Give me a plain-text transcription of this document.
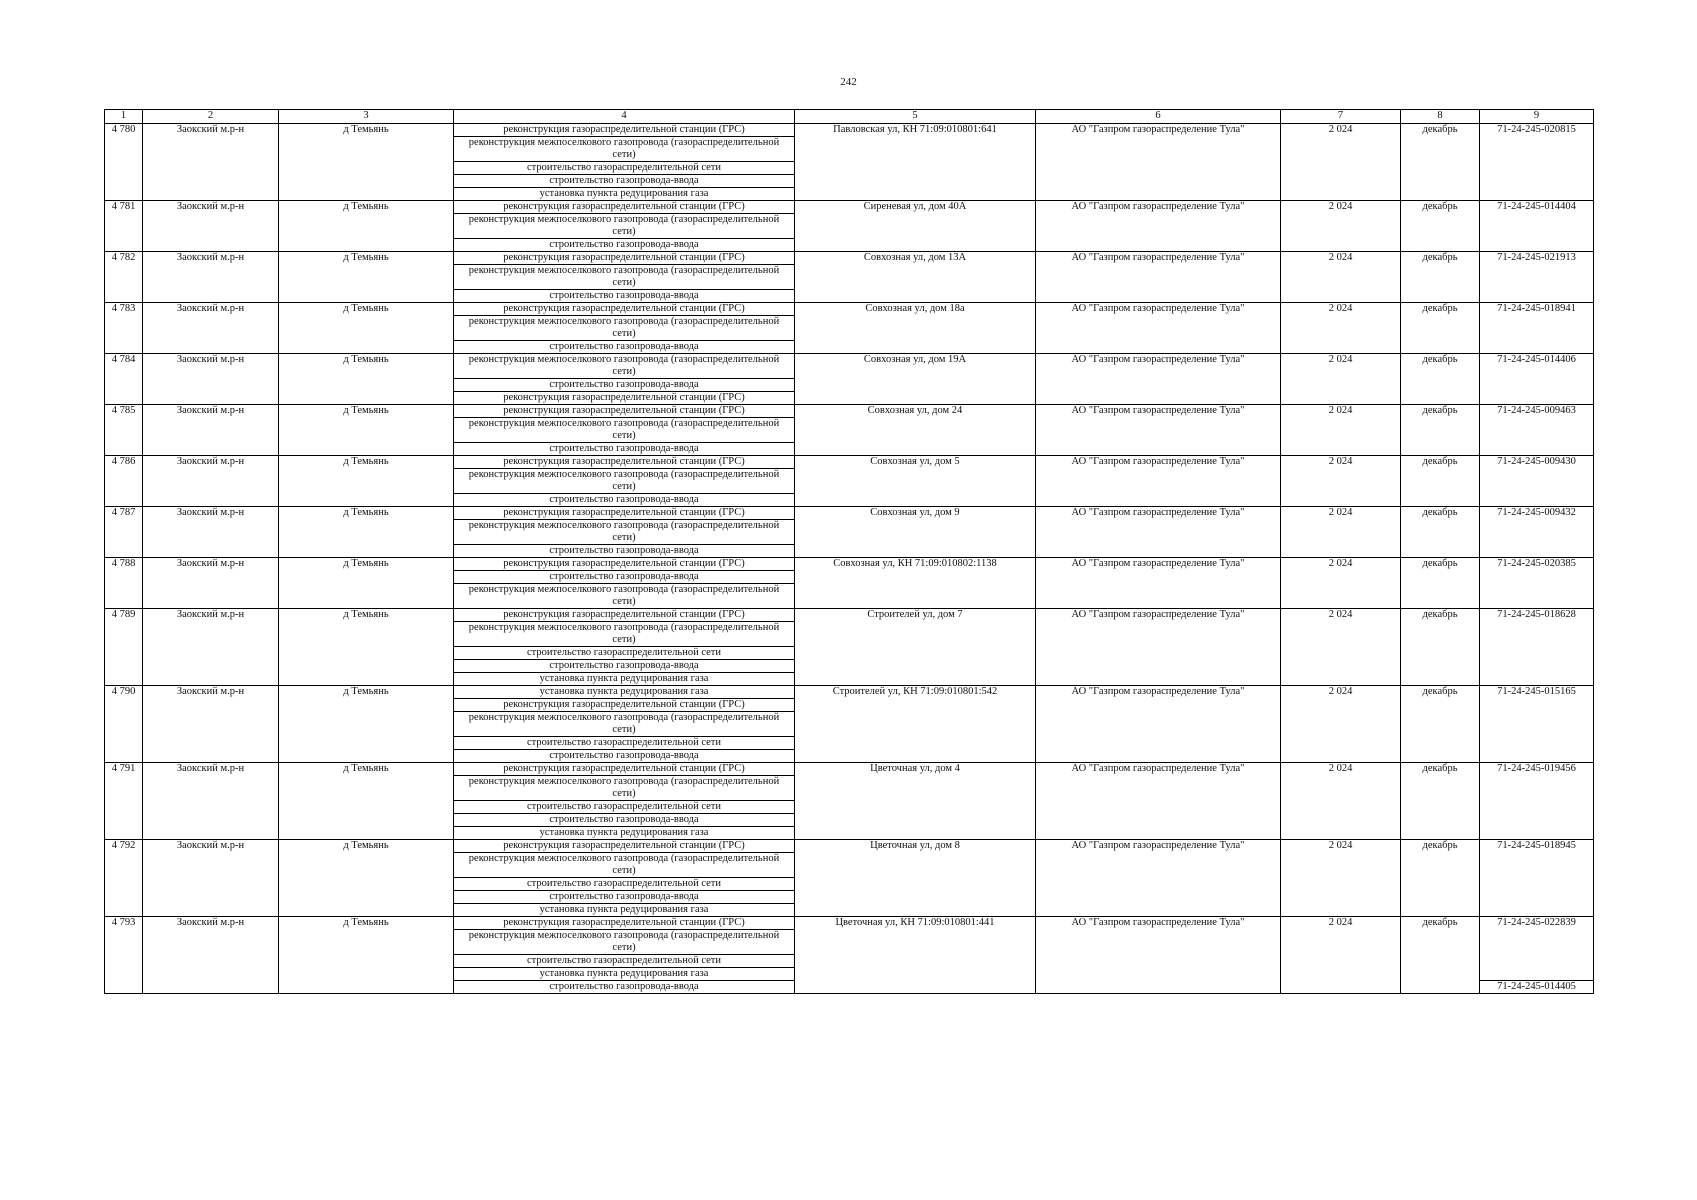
242
1	2	3	4	5	6	7	8	9
4 780	Заокский м.р-н	д Темьянь	реконструкция газораспределительной станции (ГРС)	Павловская ул, КН 71:09:010801:641	АО "Газпром газораспределение Тула"	2 024	декабрь	71-24-245-020815
			реконструкция межпоселкового газопровода (газораспределительной сети)					
			строительство газораспределительной сети					
			строительство газопровода-ввода					
			установка пункта редуцирования газа					
4 781	Заокский м.р-н	д Темьянь	реконструкция газораспределительной станции (ГРС)	Сиреневая ул, дом 40А	АО "Газпром газораспределение Тула"	2 024	декабрь	71-24-245-014404
			реконструкция межпоселкового газопровода (газораспределительной сети)					
			строительство газопровода-ввода					
4 782	Заокский м.р-н	д Темьянь	реконструкция газораспределительной станции (ГРС)	Совхозная ул, дом 13А	АО "Газпром газораспределение Тула"	2 024	декабрь	71-24-245-021913
			реконструкция межпоселкового газопровода (газораспределительной сети)					
			строительство газопровода-ввода					
4 783	Заокский м.р-н	д Темьянь	реконструкция газораспределительной станции (ГРС)	Совхозная ул, дом 18а	АО "Газпром газораспределение Тула"	2 024	декабрь	71-24-245-018941
			реконструкция межпоселкового газопровода (газораспределительной сети)					
			строительство газопровода-ввода					
4 784	Заокский м.р-н	д Темьянь	реконструкция межпоселкового газопровода (газораспределительной сети)	Совхозная ул, дом 19А	АО "Газпром газораспределение Тула"	2 024	декабрь	71-24-245-014406
			строительство газопровода-ввода					
			реконструкция газораспределительной станции (ГРС)					
4 785	Заокский м.р-н	д Темьянь	реконструкция газораспределительной станции (ГРС)	Совхозная ул, дом 24	АО "Газпром газораспределение Тула"	2 024	декабрь	71-24-245-009463
			реконструкция межпоселкового газопровода (газораспределительной сети)					
			строительство газопровода-ввода					
4 786	Заокский м.р-н	д Темьянь	реконструкция газораспределительной станции (ГРС)	Совхозная ул, дом 5	АО "Газпром газораспределение Тула"	2 024	декабрь	71-24-245-009430
			реконструкция межпоселкового газопровода (газораспределительной сети)					
			строительство газопровода-ввода					
4 787	Заокский м.р-н	д Темьянь	реконструкция газораспределительной станции (ГРС)	Совхозная ул, дом 9	АО "Газпром газораспределение Тула"	2 024	декабрь	71-24-245-009432
			реконструкция межпоселкового газопровода (газораспределительной сети)					
			строительство газопровода-ввода					
4 788	Заокский м.р-н	д Темьянь	реконструкция газораспределительной станции (ГРС)	Совхозная ул, КН 71:09:010802:1138	АО "Газпром газораспределение Тула"	2 024	декабрь	71-24-245-020385
			строительство газопровода-ввода					
			реконструкция межпоселкового газопровода (газораспределительной сети)					
4 789	Заокский м.р-н	д Темьянь	реконструкция газораспределительной станции (ГРС)	Строителей ул, дом 7	АО "Газпром газораспределение Тула"	2 024	декабрь	71-24-245-018628
			реконструкция межпоселкового газопровода (газораспределительной сети)					
			строительство газораспределительной сети					
			строительство газопровода-ввода					
			установка пункта редуцирования газа					
4 790	Заокский м.р-н	д Темьянь	установка пункта редуцирования газа	Строителей ул, КН 71:09:010801:542	АО "Газпром газораспределение Тула"	2 024	декабрь	71-24-245-015165
			реконструкция газораспределительной станции (ГРС)					
			реконструкция межпоселкового газопровода (газораспределительной сети)					
			строительство газораспределительной сети					
			строительство газопровода-ввода					
4 791	Заокский м.р-н	д Темьянь	реконструкция газораспределительной станции (ГРС)	Цветочная ул, дом 4	АО "Газпром газораспределение Тула"	2 024	декабрь	71-24-245-019456
			реконструкция межпоселкового газопровода (газораспределительной сети)					
			строительство газораспределительной сети					
			строительство газопровода-ввода					
			установка пункта редуцирования газа					
4 792	Заокский м.р-н	д Темьянь	реконструкция газораспределительной станции (ГРС)	Цветочная ул, дом 8	АО "Газпром газораспределение Тула"	2 024	декабрь	71-24-245-018945
			реконструкция межпоселкового газопровода (газораспределительной сети)					
			строительство газораспределительной сети					
			строительство газопровода-ввода					
			установка пункта редуцирования газа					
4 793	Заокский м.р-н	д Темьянь	реконструкция газораспределительной станции (ГРС)	Цветочная ул, КН 71:09:010801:441	АО "Газпром газораспределение Тула"	2 024	декабрь	71-24-245-022839
			реконструкция межпоселкового газопровода (газораспределительной сети)					
			строительство газораспределительной сети					
			установка пункта редуцирования газа					
			строительство газопровода-ввода					71-24-245-014405
